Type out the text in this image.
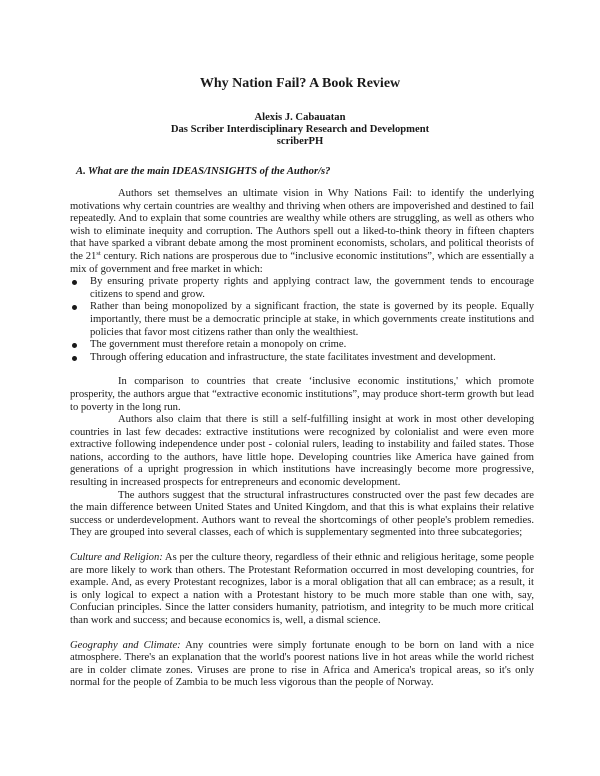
Why Nation Fail? A Book Review
Alexis J. Cabauatan
Das Scriber Interdisciplinary Research and Development
scriberPH
A. What are the main IDEAS/INSIGHTS of the Author/s?

Authors set themselves an ultimate vision in Why Nations Fail: to identify the underlying motivations why certain countries are wealthy and thriving when others are impoverished and destined to fail repeatedly. And to explain that some countries are wealthy while others are struggling, as well as others who wish to eliminate inequity and corruption. The Authors spell out a liked-to-think theory in fifteen chapters that have sparked a vibrant debate among the most prominent economists, scholars, and political theorists of the 21st century. Rich nations are prosperous due to “inclusive economic institutions”, which are essentially a mix of government and free market in which:

By ensuring private property rights and applying contract law, the government tends to encourage citizens to spend and grow.
Rather than being monopolized by a significant fraction, the state is governed by its people. Equally importantly, there must be a democratic principle at stake, in which governments create institutions and policies that favor most citizens rather than only the wealthiest.
The government must therefore retain a monopoly on crime.
Through offering education and infrastructure, the state facilitates investment and development.

In comparison to countries that create ‘inclusive economic institutions,' which promote prosperity, the authors argue that “extractive economic institutions”, may produce short-term growth but lead to poverty in the long run.

Authors also claim that there is still a self-fulfilling insight at work in most other developing countries in last few decades: extractive institutions were recognized by colonialist and were even more extractive following independence under post - colonial rulers, leading to instability and failed states. Those nations, according to the authors, have little hope. Developing countries like America have gained from generations of a upright progression in which institutions have increasingly become more progressive, resulting in increased prospects for entrepreneurs and economic development.

The authors suggest that the structural infrastructures constructed over the past few decades are the main difference between United States and United Kingdom, and that this is what explains their relative success or underdevelopment. Authors want to reveal the shortcomings of other people's problem remedies. They are grouped into several classes, each of which is supplementary segmented into three subcategories;

Culture and Religion: As per the culture theory, regardless of their ethnic and religious heritage, some people are more likely to work than others. The Protestant Reformation occurred in most developing countries, for example. And, as every Protestant recognizes, labor is a moral obligation that all can embrace; as a result, it is only logical to expect a nation with a Protestant history to be much more stable than one with, say, Confucian principles. Since the latter considers humanity, patriotism, and integrity to be much more critical than work and success; and because economics is, well, a dismal science.

Geography and Climate: Any countries were simply fortunate enough to be born on land with a nice atmosphere. There's an explanation that the world's poorest nations live in hot areas while the world richest are in colder climate zones. Viruses are prone to rise in Africa and America's tropical areas, so it's only normal for the people of Zambia to be much less vigorous than the people of Norway.
